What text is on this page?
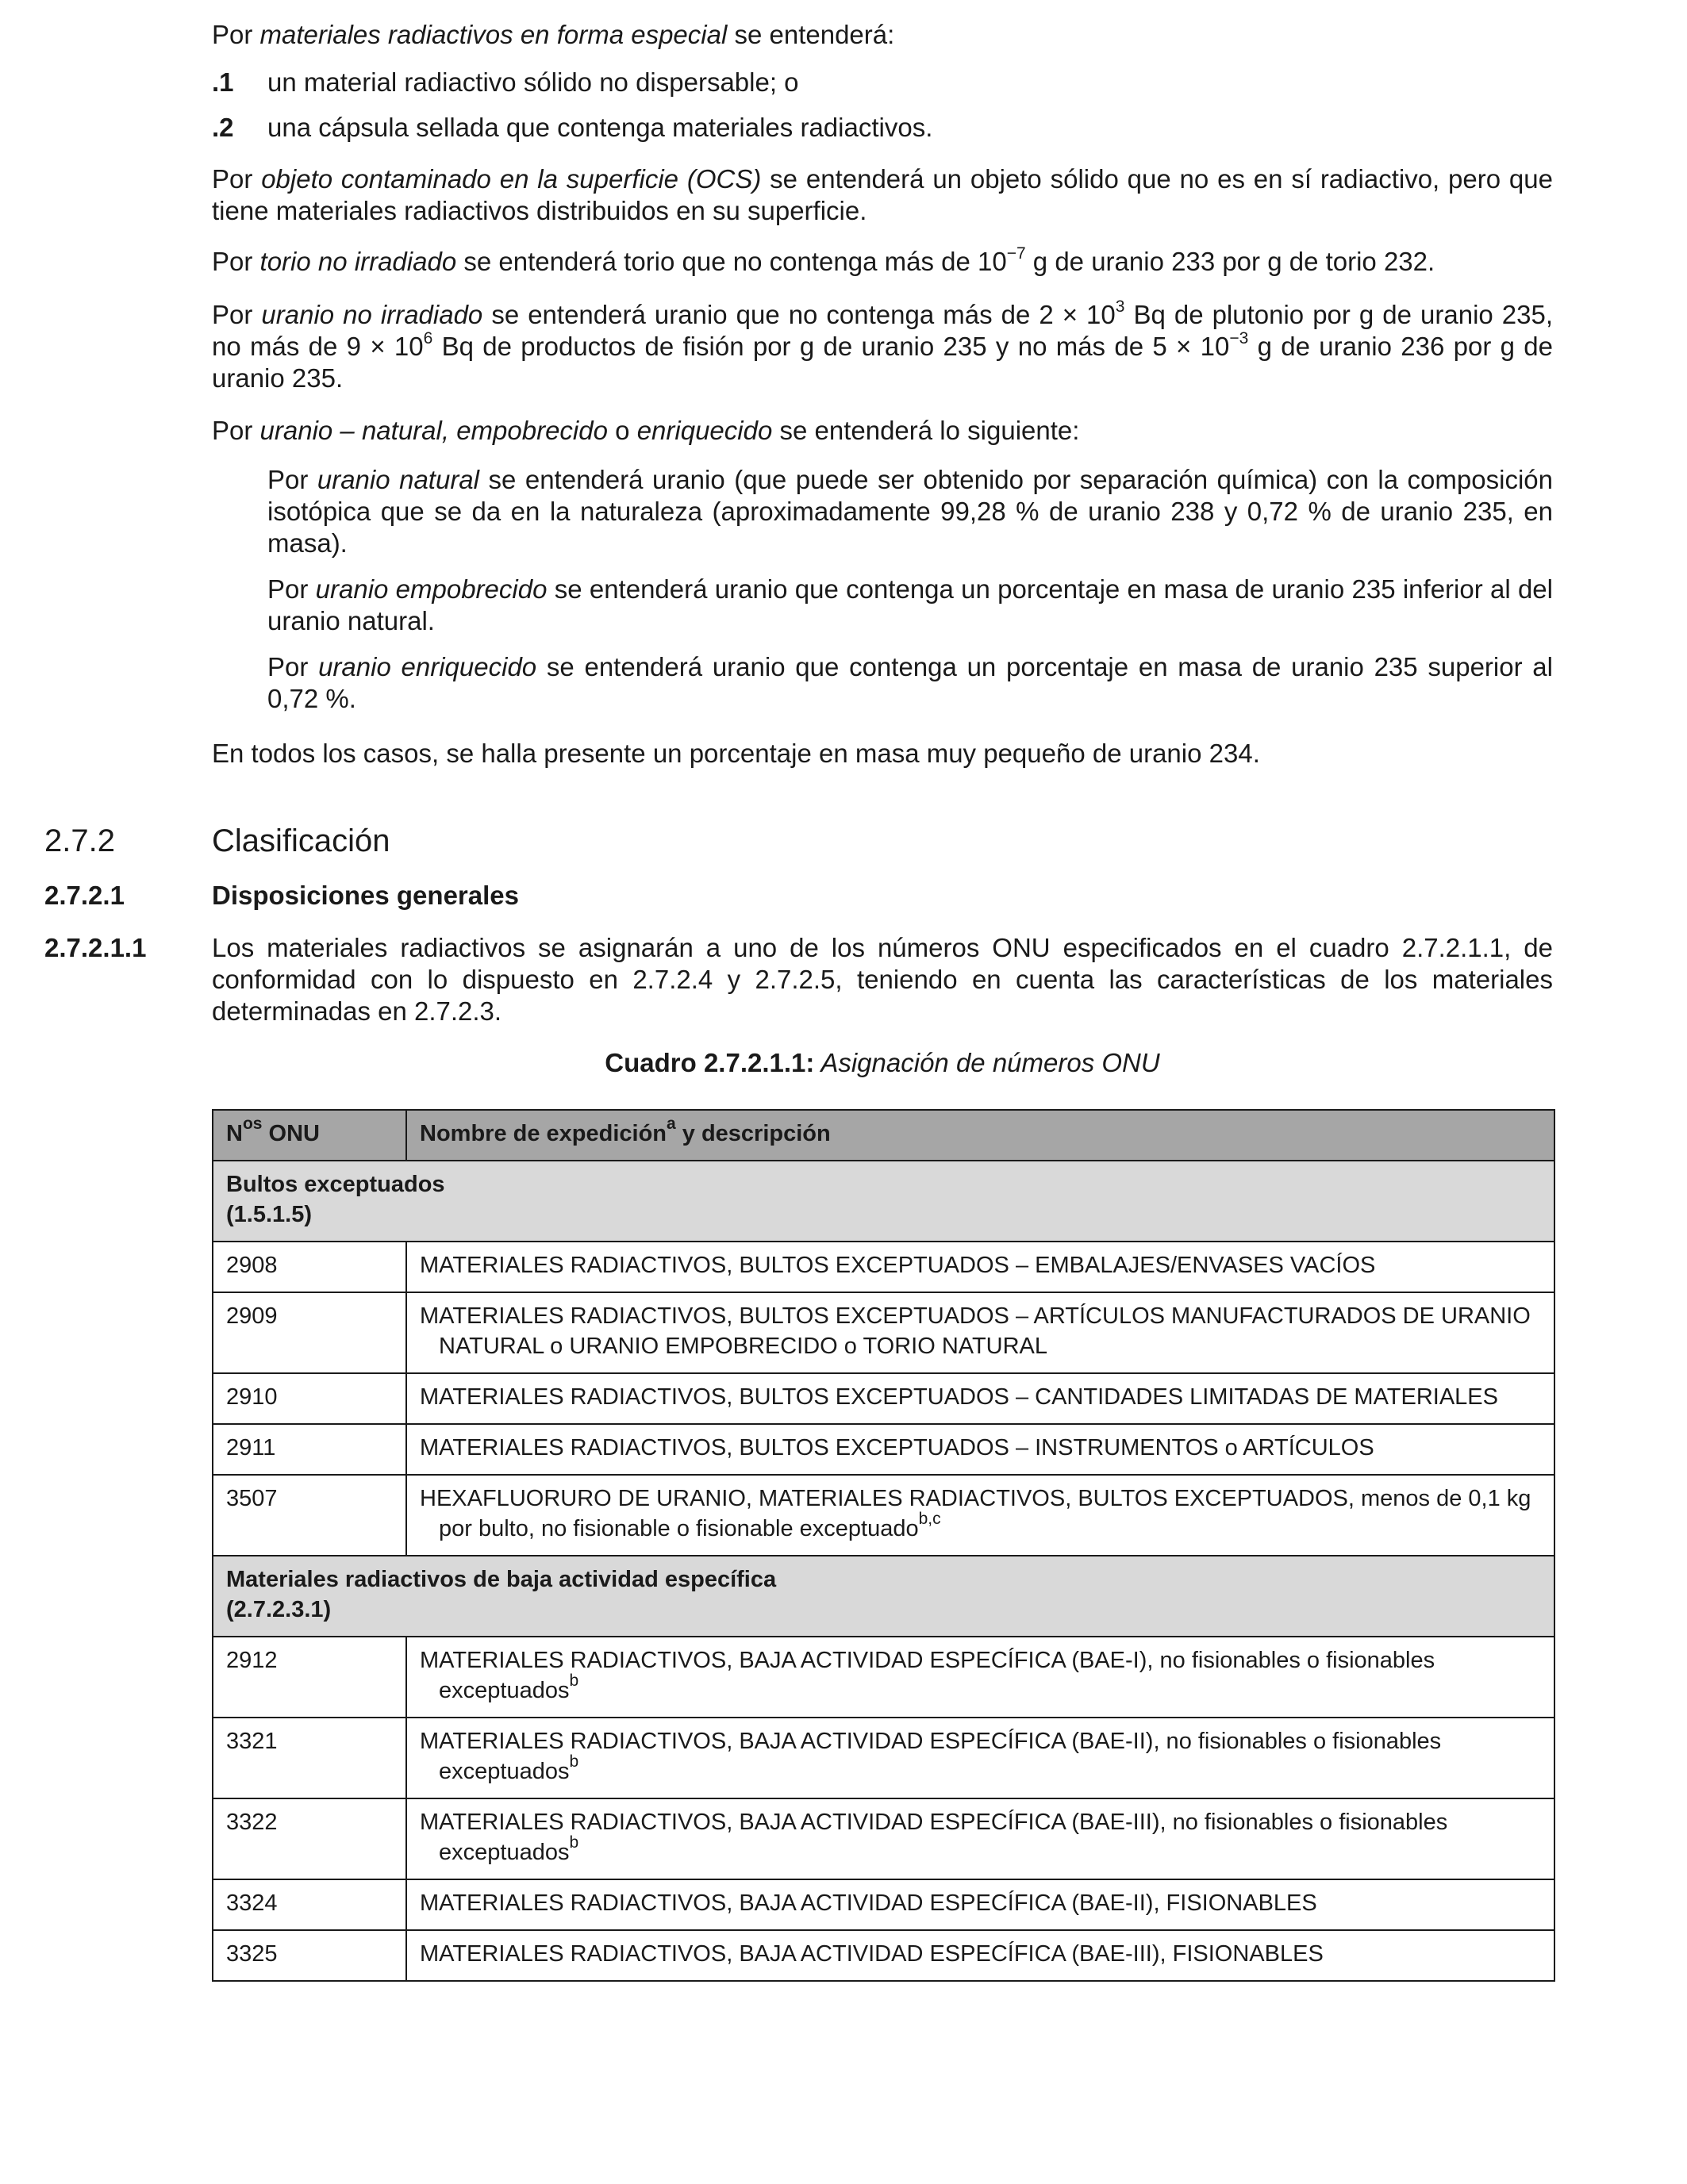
Por materiales radiactivos en forma especial se entenderá:

.1 un material radiactivo sólido no dispersable; o
.2 una cápsula sellada que contenga materiales radiactivos.

Por objeto contaminado en la superficie (OCS) se entenderá un objeto sólido que no es en sí radiactivo, pero que tiene materiales radiactivos distribuidos en su superficie.

Por torio no irradiado se entenderá torio que no contenga más de $10^{-7}$ g de uranio 233 por g de torio 232.

Por uranio no irradiado se entenderá uranio que no contenga más de $2 \times 10^3$ Bq de plutonio por g de uranio 235, no más de $9 \times 10^6$ Bq de productos de fisión por g de uranio 235 y no más de $5 \times 10^{-3}$ g de uranio 236 por g de uranio 235.

Por uranio – natural, empobrecido o enriquecido se entenderá lo siguiente:

Por uranio natural se entenderá uranio (que puede ser obtenido por separación química) con la composición isotópica que se da en la naturaleza (aproximadamente 99,28 % de uranio 238 y 0,72 % de uranio 235, en masa).

Por uranio empobrecido se entenderá uranio que contenga un porcentaje en masa de uranio 235 inferior al del uranio natural.

Por uranio enriquecido se entenderá uranio que contenga un porcentaje en masa de uranio 235 superior al 0,72 %.

En todos los casos, se halla presente un porcentaje en masa muy pequeño de uranio 234.

2.7.2	Clasificación
2.7.2.1	Disposiciones generales
2.7.2.1.1	Los materiales radiactivos se asignarán a uno de los números ONU especificados en el cuadro 2.7.2.1.1, de conformidad con lo dispuesto en 2.7.2.4 y 2.7.2.5, teniendo en cuenta las características de los materiales determinadas en 2.7.2.3.

Cuadro 2.7.2.1.1: Asignación de números ONU
$N^{os}$ ONU	Nombre de expedición$^a$ y descripción

Bultos exceptuados
(1.5.1.5)	

2908	MATERIALES RADIACTIVOS, BULTOS EXCEPTUADOS – EMBALAJES/ENVASES VACÍOS

2909	MATERIALES RADIACTIVOS, BULTOS EXCEPTUADOS – ARTÍCULOS MANUFACTURADOS DE URANIO NATURAL o URANIO EMPOBRECIDO o TORIO NATURAL

2910	MATERIALES RADIACTIVOS, BULTOS EXCEPTUADOS – CANTIDADES LIMITADAS DE MATERIALES

2911	MATERIALES RADIACTIVOS, BULTOS EXCEPTUADOS – INSTRUMENTOS o ARTÍCULOS

3507	HEXAFLUORURO DE URANIO, MATERIALES RADIACTIVOS, BULTOS EXCEPTUADOS, menos de 0,1 kg por bulto, no fisionable o fisionable exceptuado$^{b,c}$

Materiales radiactivos de baja actividad específica
(2.7.2.3.1)	

2912	MATERIALES RADIACTIVOS, BAJA ACTIVIDAD ESPECÍFICA (BAE-I), no fisionables o fisionables exceptuados$^b$

3321	MATERIALES RADIACTIVOS, BAJA ACTIVIDAD ESPECÍFICA (BAE-II), no fisionables o fisionables exceptuados$^b$

3322	MATERIALES RADIACTIVOS, BAJA ACTIVIDAD ESPECÍFICA (BAE-III), no fisionables o fisionables exceptuados$^b$

3324	MATERIALES RADIACTIVOS, BAJA ACTIVIDAD ESPECÍFICA (BAE-II), FISIONABLES

3325	MATERIALES RADIACTIVOS, BAJA ACTIVIDAD ESPECÍFICA (BAE-III), FISIONABLES
